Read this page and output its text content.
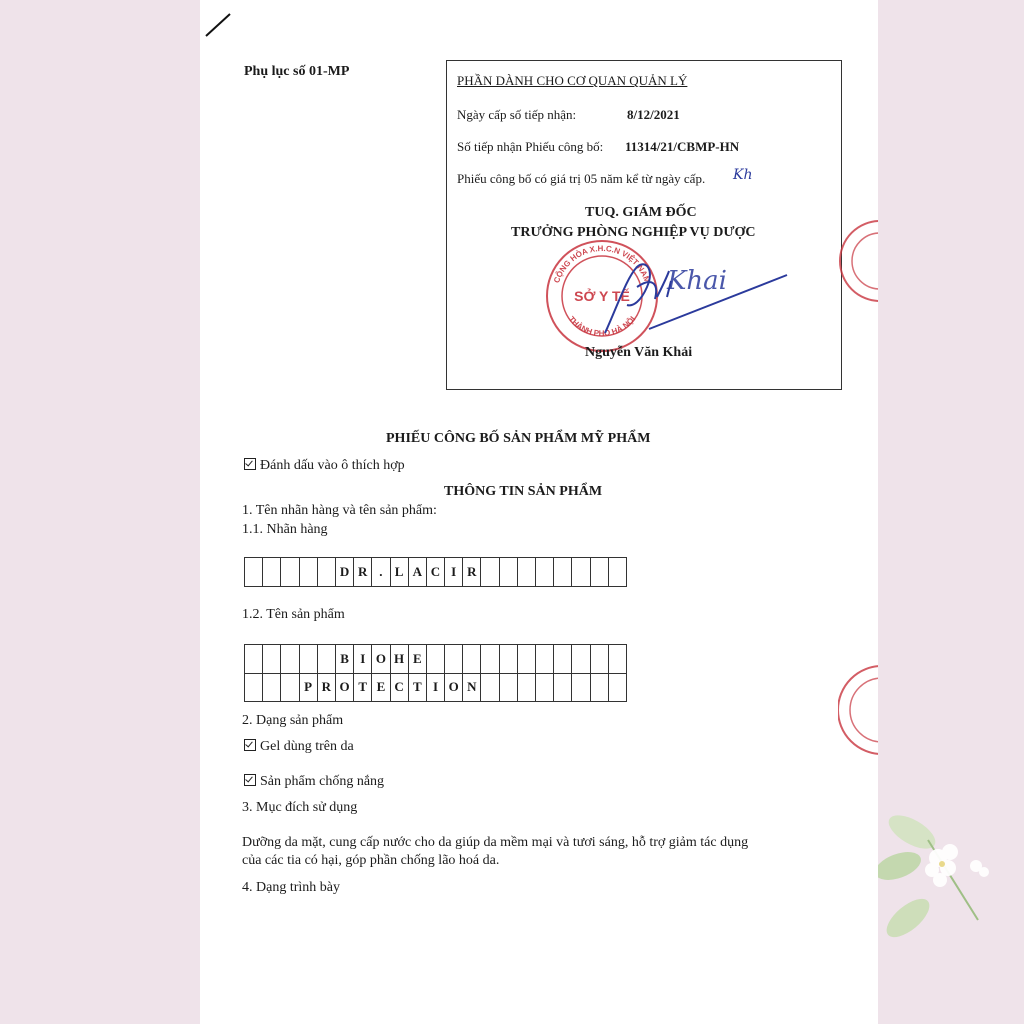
Phụ lục số 01-MP
PHẦN DÀNH CHO CƠ QUAN QUẢN LÝ
Ngày cấp số tiếp nhận:	8/12/2021
Số tiếp nhận Phiếu công bố: 11314/21/CBMP-HN
Phiếu công bố có giá trị 05 năm kể từ ngày cấp. Kh
TUQ. GIÁM ĐỐC
TRƯỞNG PHÒNG NGHIỆP VỤ DƯỢC
CỘNG HÒA X.H.C.N VIỆT NAM
THÀNH PHỐ HÀ NỘI
SỞ Y TẾ Khai
Nguyễn Văn Khải
PHIẾU CÔNG BỐ SẢN PHẨM MỸ PHẨM
Đánh dấu vào ô thích hợp
THÔNG TIN SẢN PHẨM
1. Tên nhãn hàng và tên sản phẩm:
1.1. Nhãn hàng
D R . L A C I R
1.2. Tên sản phẩm
B I O H E
P R O T E C T I O N
2. Dạng sản phẩm
Gel dùng trên da
Sản phẩm chống nắng
3. Mục đích sử dụng
Dưỡng da mặt, cung cấp nước cho da giúp da mềm mại và tươi sáng, hỗ trợ giảm tác dụng
của các tia có hại, góp phần chống lão hoá da.
4. Dạng trình bày
